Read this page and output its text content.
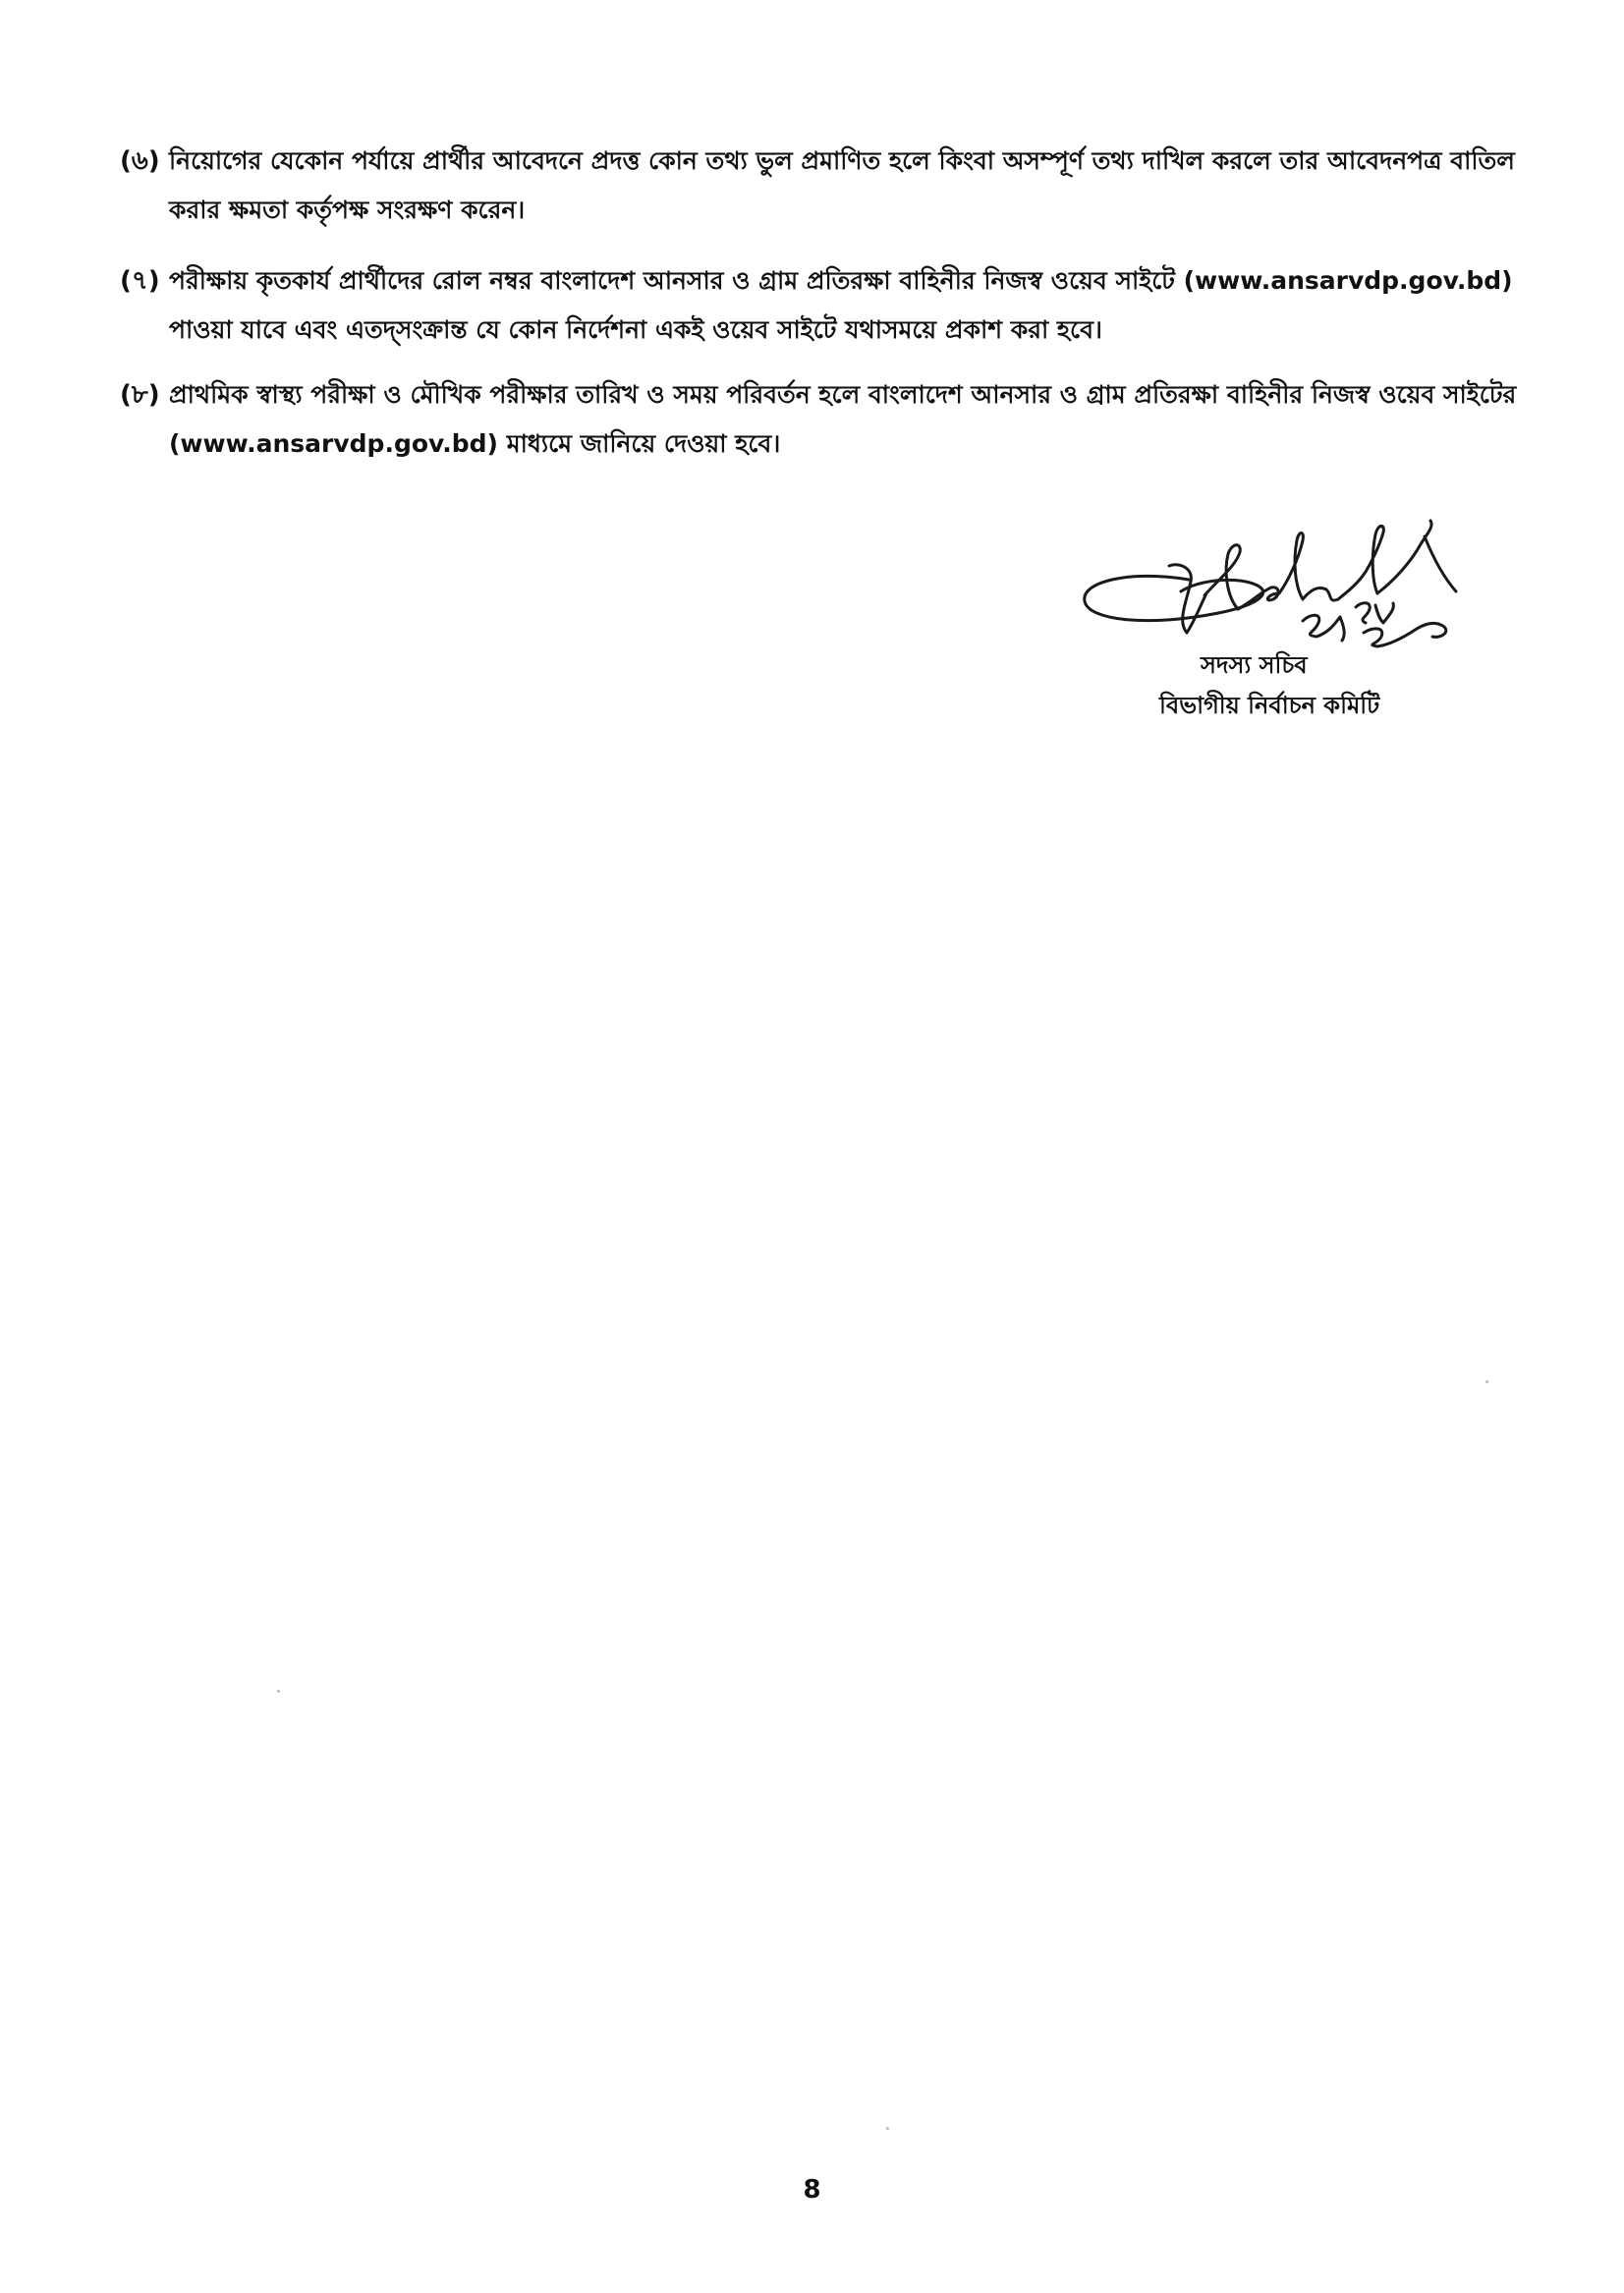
(৬) নিয়োগের যেকোন পর্যায়ে প্রার্থীর আবেদনে প্রদত্ত কোন তথ্য ভুল প্রমাণিত হলে কিংবা অসম্পূর্ণ তথ্য দাখিল করলে তার আবেদনপত্র বাতিল
করার ক্ষমতা কর্তৃপক্ষ সংরক্ষণ করেন।
(৭) পরীক্ষায় কৃতকার্য প্রার্থীদের রোল নম্বর বাংলাদেশ আনসার ও গ্রাম প্রতিরক্ষা বাহিনীর নিজস্ব ওয়েব সাইটে (www.ansarvdp.gov.bd)
পাওয়া যাবে এবং এতদ্সংক্রান্ত যে কোন নির্দেশনা একই ওয়েব সাইটে যথাসময়ে প্রকাশ করা হবে।
(৮) প্রাথমিক স্বাস্থ্য পরীক্ষা ও মৌখিক পরীক্ষার তারিখ ও সময় পরিবর্তন হলে বাংলাদেশ আনসার ও গ্রাম প্রতিরক্ষা বাহিনীর নিজস্ব ওয়েব সাইটের
(www.ansarvdp.gov.bd) মাধ্যমে জানিয়ে দেওয়া হবে।
সদস্য সচিব
বিভাগীয় নির্বাচন কমিটি
8
